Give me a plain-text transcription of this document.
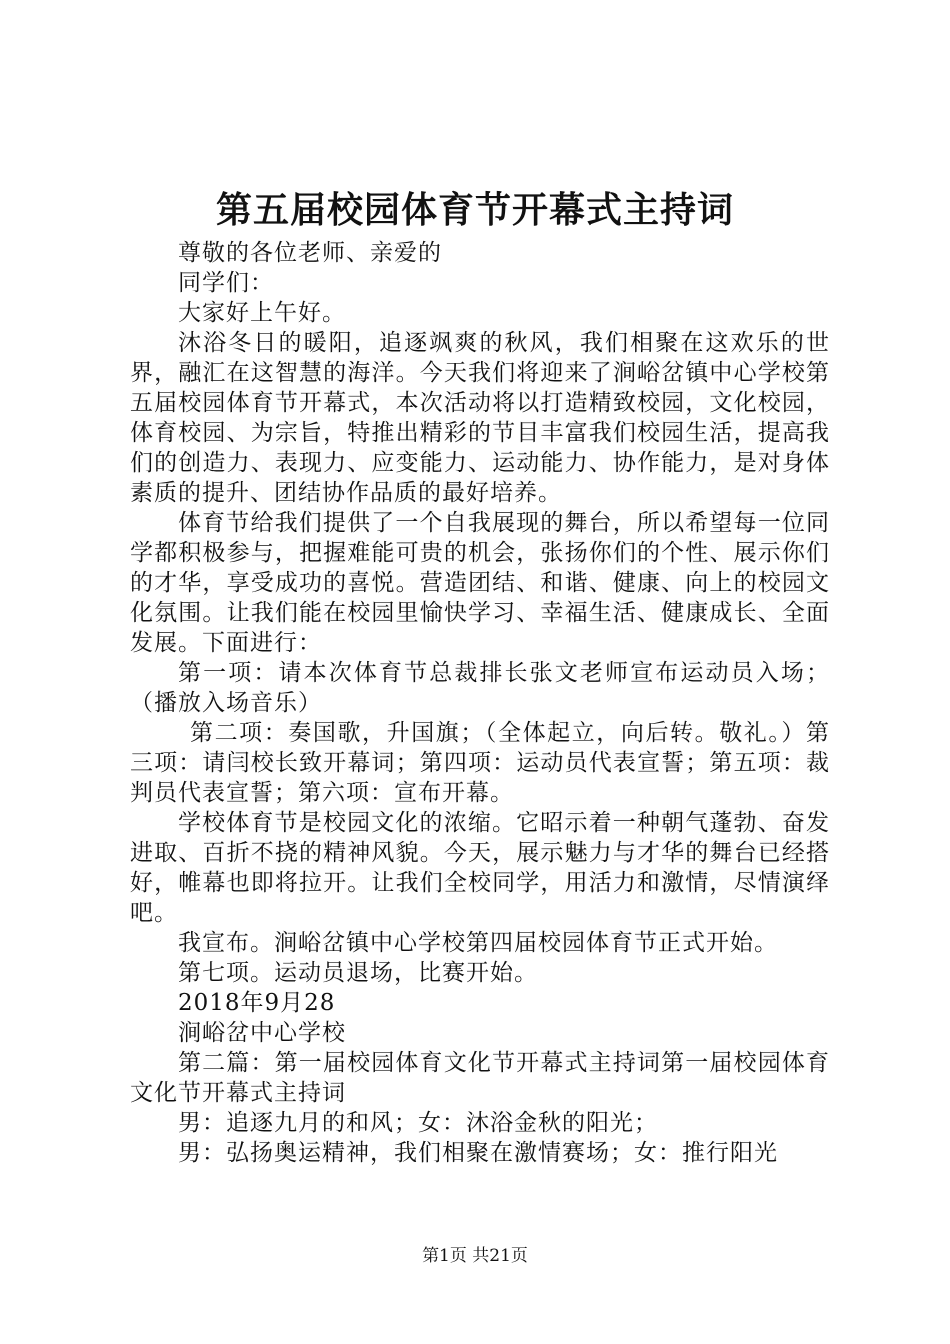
第五届校园体育节开幕式主持词

尊敬的各位老师、亲爱的

同学们：

大家好上午好。

沐浴冬日的暖阳，追逐飒爽的秋风，我们相聚在这欢乐的世界，融汇在这智慧的海洋。今天我们将迎来了涧峪岔镇中心学校第五届校园体育节开幕式，本次活动将以打造精致校园，文化校园，体育校园、为宗旨，特推出精彩的节目丰富我们校园生活，提高我们的创造力、表现力、应变能力、运动能力、协作能力，是对身体素质的提升、团结协作品质的最好培养。

体育节给我们提供了一个自我展现的舞台，所以希望每一位同学都积极参与，把握难能可贵的机会，张扬你们的个性、展示你们的才华，享受成功的喜悦。营造团结、和谐、健康、向上的校园文化氛围。让我们能在校园里愉快学习、幸福生活、健康成长、全面发展。下面进行：

第一项：请本次体育节总裁排长张文老师宣布运动员入场；（播放入场音乐）

第二项：奏国歌，升国旗；（全体起立，向后转。敬礼。）第三项：请闫校长致开幕词；第四项：运动员代表宣誓；第五项：裁判员代表宣誓；第六项：宣布开幕。

学校体育节是校园文化的浓缩。它昭示着一种朝气蓬勃、奋发进取、百折不挠的精神风貌。今天，展示魅力与才华的舞台已经搭好，帷幕也即将拉开。让我们全校同学，用活力和激情，尽情演绎吧。

我宣布。涧峪岔镇中心学校第四届校园体育节正式开始。

第七项。运动员退场，比赛开始。

2018年9月28

涧峪岔中心学校

第二篇：第一届校园体育文化节开幕式主持词第一届校园体育文化节开幕式主持词

男：追逐九月的和风；女：沐浴金秋的阳光；

男：弘扬奥运精神，我们相聚在激情赛场；女：推行阳光

第1页 共21页
